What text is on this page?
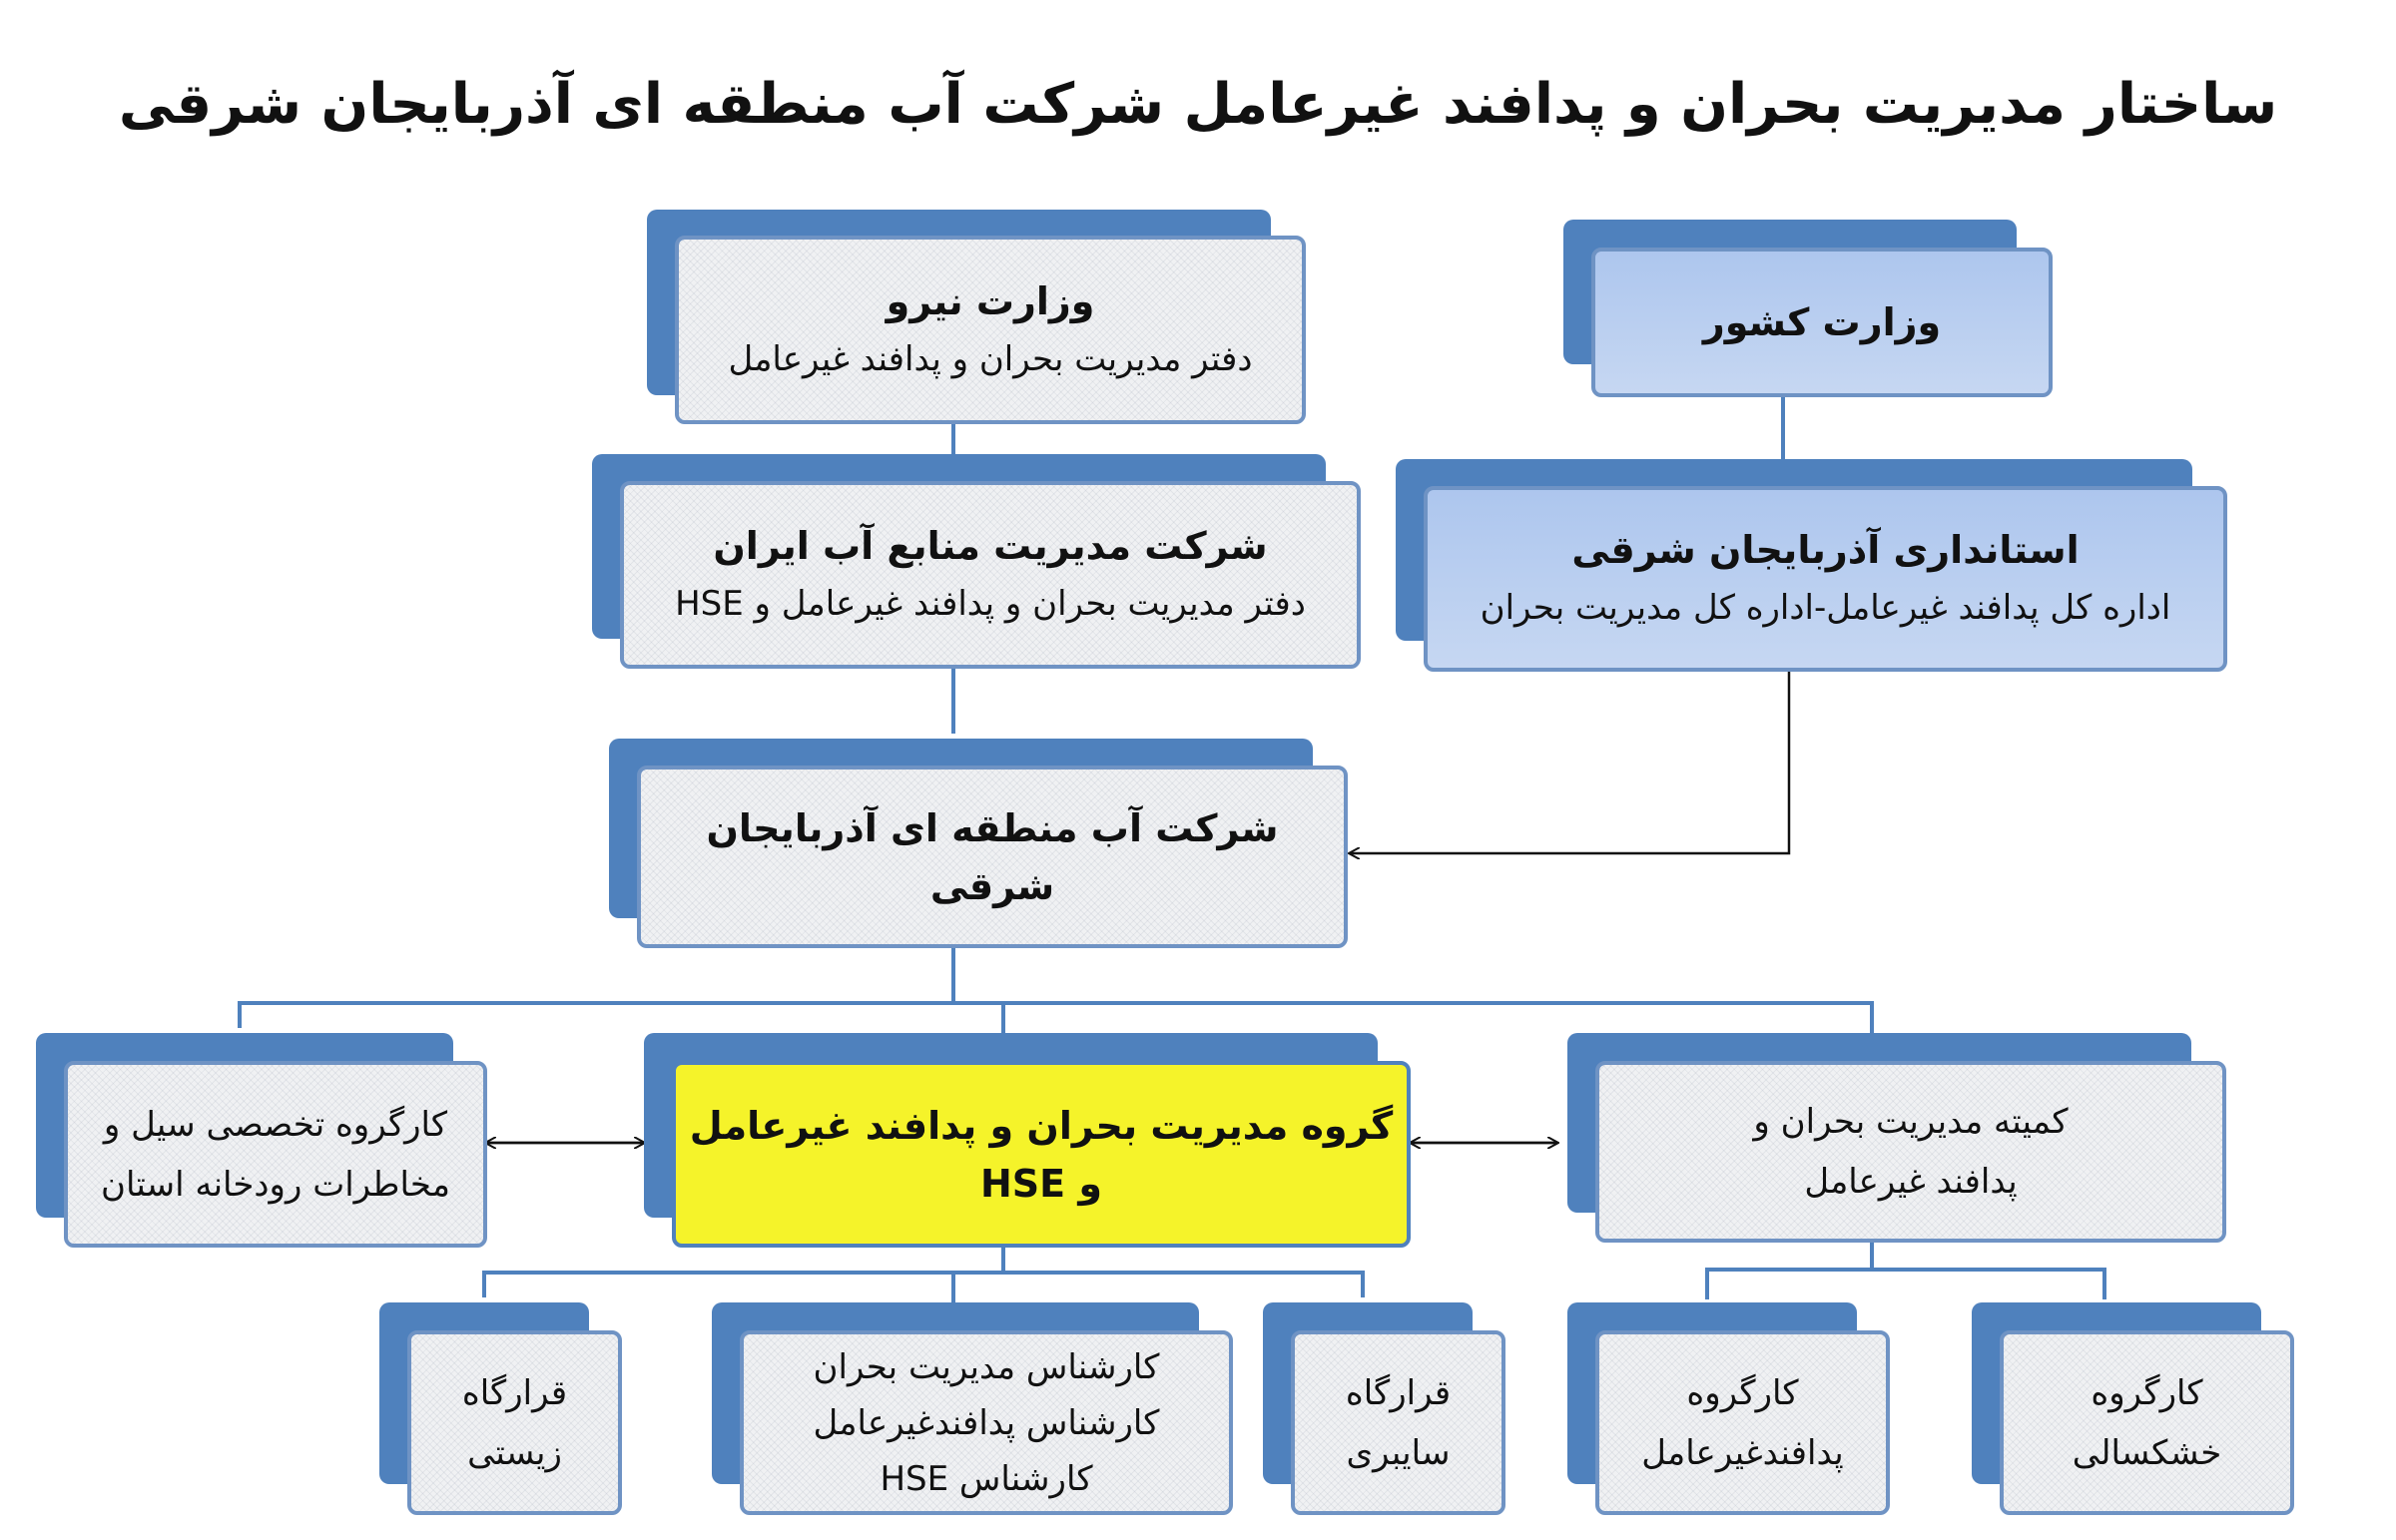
ساختار مدیریت بحران و پدافند غیرعامل شرکت آب منطقه ای آذربایجان شرقی
وزارت نیرو
دفتر مدیریت بحران و پدافند غیرعامل
وزارت کشور
شرکت مدیریت منابع آب ایران
دفتر مدیریت بحران و پدافند غیرعامل و HSE
استانداری آذربایجان شرقی
اداره کل پدافند غیرعامل-اداره کل مدیریت بحران
شرکت آب منطقه ای آذربایجان شرقی
کارگروه تخصصی سیل و
مخاطرات رودخانه استان
گروه مدیریت بحران و پدافند غیرعامل و HSE
کمیته مدیریت بحران و
پدافند غیرعامل
قرارگاه
زیستی
کارشناس مدیریت بحران
کارشناس پدافندغیرعامل
کارشناس HSE
قرارگاه
سایبری
کارگروه
پدافندغیرعامل
کارگروه
خشکسالی
